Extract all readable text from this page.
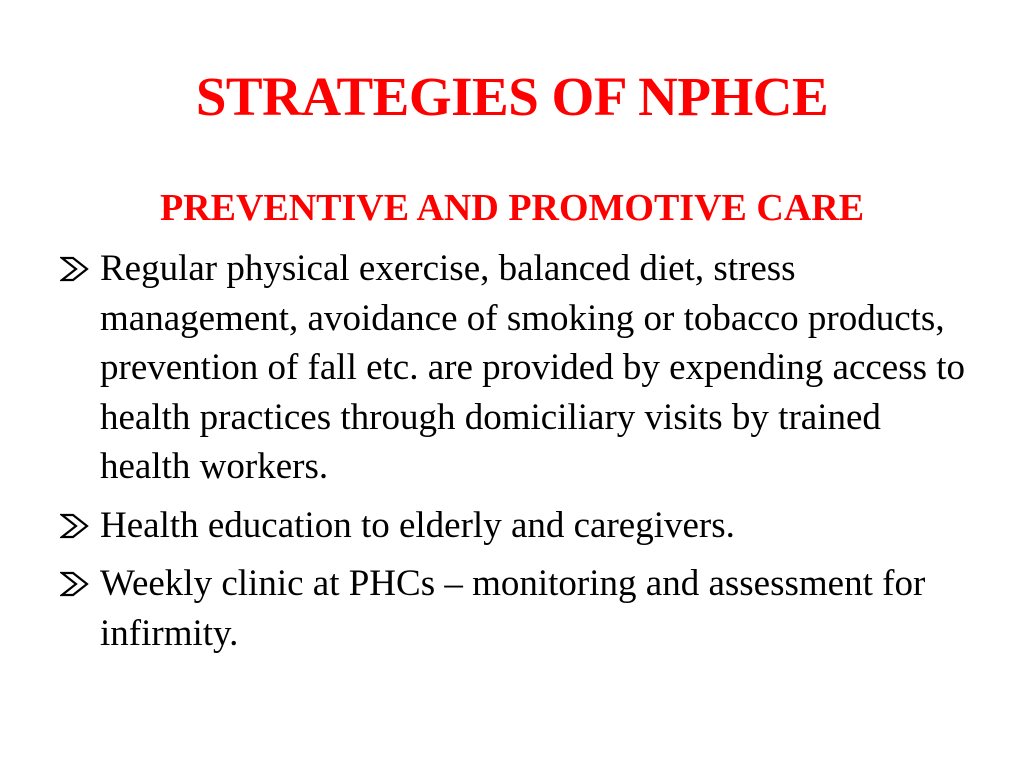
STRATEGIES OF NPHCE
PREVENTIVE AND PROMOTIVE CARE
Regular physical exercise, balanced diet, stress management, avoidance of smoking or tobacco products, prevention of fall etc. are provided by expending access to health practices through domiciliary visits by trained health workers.
Health education to elderly and caregivers.
Weekly clinic at PHCs – monitoring and assessment for infirmity.
